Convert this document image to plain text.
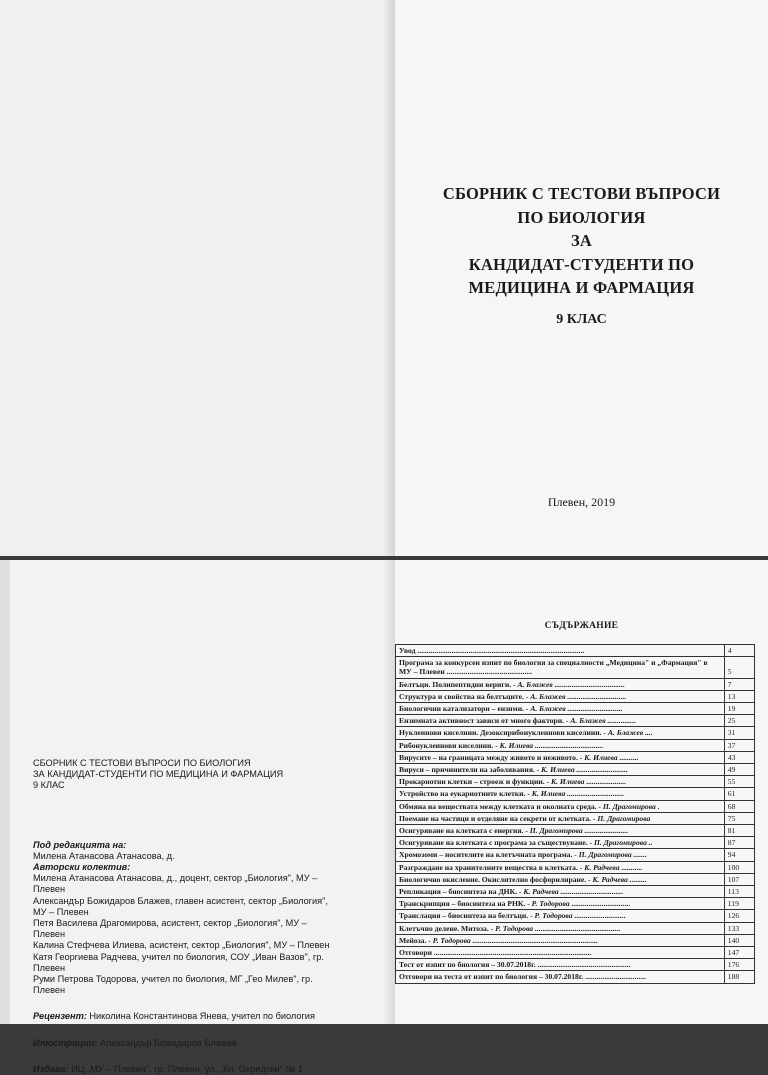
СБОРНИК С ТЕСТОВИ ВЪПРОСИ
ПО БИОЛОГИЯ
ЗА
КАНДИДАТ-СТУДЕНТИ ПО
МЕДИЦИНА И ФАРМАЦИЯ
9 КЛАС
Плевен, 2019
СБОРНИК С ТЕСТОВИ ВЪПРОСИ ПО БИОЛОГИЯ
ЗА КАНДИДАТ-СТУДЕНТИ ПО МЕДИЦИНА И ФАРМАЦИЯ
9 КЛАС
Под редакцията на:
Милена Атанасова Атанасова, д.
Авторски колектив:
Милена Атанасова Атанасова, д., доцент, сектор „Биология", МУ – Плевен
Александър Божидаров Блажев, главен асистент, сектор „Биология", МУ – Плевен
Петя Василева Драгомирова, асистент, сектор „Биология", МУ – Плевен
Калина Стефчева Илиева, асистент, сектор „Биология", МУ – Плевен
Катя Георгиева Радчева, учител по биология, СОУ „Иван Вазов", гр. Плевен
Руми Петрова Тодорова, учител по биология, МГ „Гео Милев", гр. Плевен
Рецензент: Николина Константинова Янева, учител по биология
Илюстрации: Александър Божидаров Блажев
Издава: ИЦ „МУ – Плевен", гр. Плевен, ул. „Кл. Охридски" № 1
СЪДЪРЖАНИЕ
Увод ........................................................................................	4
Програма за конкурсен изпит по биология за специалности „Медицина" и „Фармация" в МУ – Плевен .............................................	5
Белтъци. Полипептидни вериги. - А. Блажев .....................................	7
Структура и свойства на белтъците. - А. Блажев ...............................	13
Биологични катализатори – ензими. - А. Блажев .............................	19
Ензимната активност зависи от много фактори. - А. Блажев ...............	25
Нуклеинови киселини. Дезоксирибонуклеинови киселини. - А. Блажев ....	31
Рибонуклеинови киселини. - К. Илиева ....................................	37
Вирусите – на границата между живото и неживото. - К. Илиева ..........	43
Вируси – причинители на заболявания. - К. Илиева ...........................	49
Прокариотни клетки – строеж и функции. - К. Илиева .....................	55
Устройство на еукариотните клетки. - К. Илиева ..............................	61
Обмяна на веществата между клетката и околната среда. - П. Драгомирова .	68
Поемане на частици и отделяне на секрети от клетката. - П. Драгомирова	75
Осигуряване на клетката с енергия. - П. Драгомирова .......................	81
Осигуряване на клетката с програма за съществуване. - П. Драгомирова ..	87
Хромозоми – носителите на клетъчната програма. - П. Драгомирова .......	94
Разграждане на хранителните вещества в клетката. - К. Радчева ...........	100
Биологично окисление. Окислително фосфорилиране. - К. Радчева .........	107
Репликация – биосинтеза на ДНК. - К. Радчева .................................	113
Транскрипция – биосинтеза на РНК. - Р. Тодорова ...............................	119
Транслация – биосинтеза на белтъци. - Р. Тодорова ...........................	126
Клетъчно делене. Митоза. - Р. Тодорова .............................................	133
Мейоза. - Р. Тодорова ..................................................................	140
Отговори ...................................................................................	147
Тест от изпит по биология – 30.07.2018г. .................................................	176
Отговори на теста от изпит по биология – 30.07.2018г. ................................	188
